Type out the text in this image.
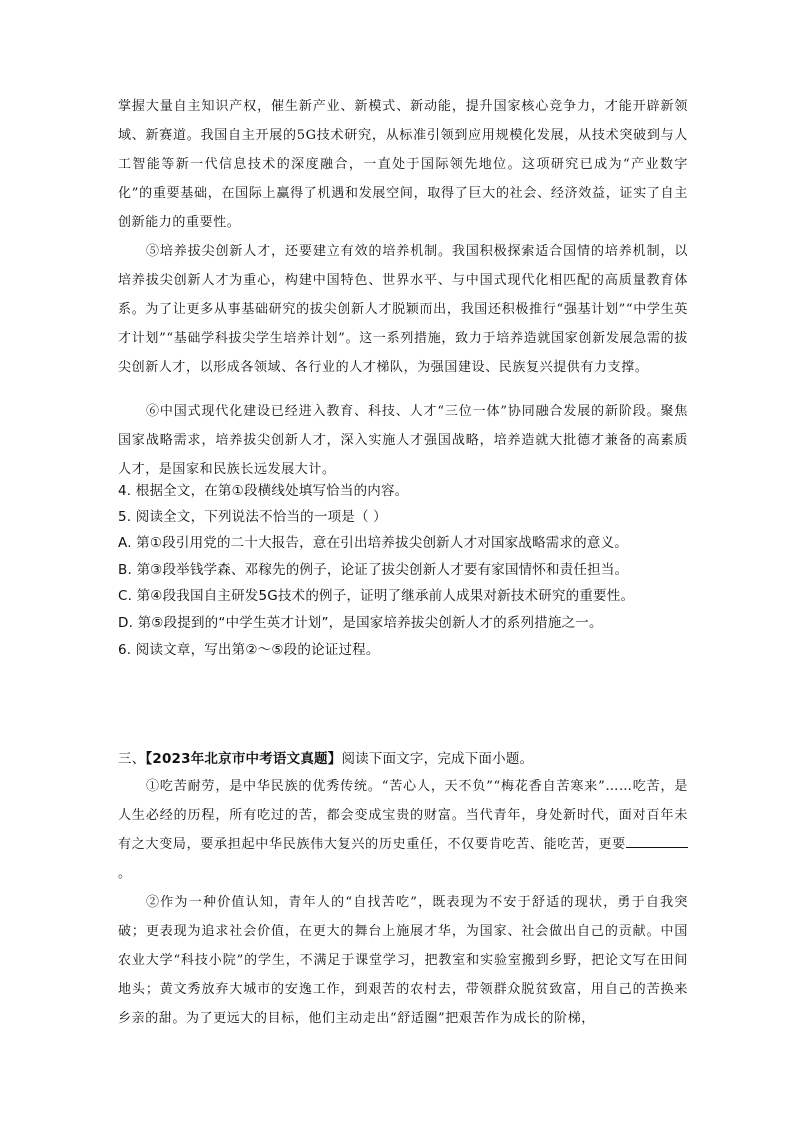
掌握大量自主知识产权，催生新产业、新模式、新动能，提升国家核心竞争力，才能开辟新领域、新赛道。我国自主开展的5G技术研究，从标准引领到应用规模化发展，从技术突破到与人工智能等新一代信息技术的深度融合，一直处于国际领先地位。这项研究已成为“产业数字化”的重要基础，在国际上赢得了机遇和发展空间，取得了巨大的社会、经济效益，证实了自主创新能力的重要性。

⑤培养拔尖创新人才，还要建立有效的培养机制。我国积极探索适合国情的培养机制，以培养拔尖创新人才为重心，构建中国特色、世界水平、与中国式现代化相匹配的高质量教育体系。为了让更多从事基础研究的拔尖创新人才脱颖而出，我国还积极推行“强基计划”“中学生英才计划”“基础学科拔尖学生培养计划”。这一系列措施，致力于培养造就国家创新发展急需的拔尖创新人才，以形成各领域、各行业的人才梯队，为强国建设、民族复兴提供有力支撑。

⑥中国式现代化建设已经进入教育、科技、人才“三位一体”协同融合发展的新阶段。聚焦国家战略需求，培养拔尖创新人才，深入实施人才强国战略，培养造就大批德才兼备的高素质人才，是国家和民族长远发展大计。

4. 根据全文，在第①段横线处填写恰当的内容。

5. 阅读全文，下列说法不恰当的一项是（ ）

A. 第①段引用党的二十大报告，意在引出培养拔尖创新人才对国家战略需求的意义。

B. 第③段举钱学森、邓稼先的例子，论证了拔尖创新人才要有家国情怀和责任担当。

C. 第④段我国自主研发5G技术的例子，证明了继承前人成果对新技术研究的重要性。

D. 第⑤段提到的“中学生英才计划”，是国家培养拔尖创新人才的系列措施之一。

6. 阅读文章，写出第②～⑤段的论证过程。

三、【2023年北京市中考语文真题】阅读下面文字，完成下面小题。

①吃苦耐劳，是中华民族的优秀传统。“苦心人，天不负”“梅花香自苦寒来”……吃苦，是人生必经的历程，所有吃过的苦，都会变成宝贵的财富。当代青年，身处新时代，面对百年未有之大变局，要承担起中华民族伟大复兴的历史重任，不仅要肯吃苦、能吃苦，更要。

②作为一种价值认知，青年人的“自找苦吃”，既表现为不安于舒适的现状，勇于自我突破；更表现为追求社会价值，在更大的舞台上施展才华，为国家、社会做出自己的贡献。中国农业大学“科技小院”的学生，不满足于课堂学习，把教室和实验室搬到乡野，把论文写在田间地头；黄文秀放弃大城市的安逸工作，到艰苦的农村去，带领群众脱贫致富，用自己的苦换来乡亲的甜。为了更远大的目标，他们主动走出“舒适圈”把艰苦作为成长的阶梯，
